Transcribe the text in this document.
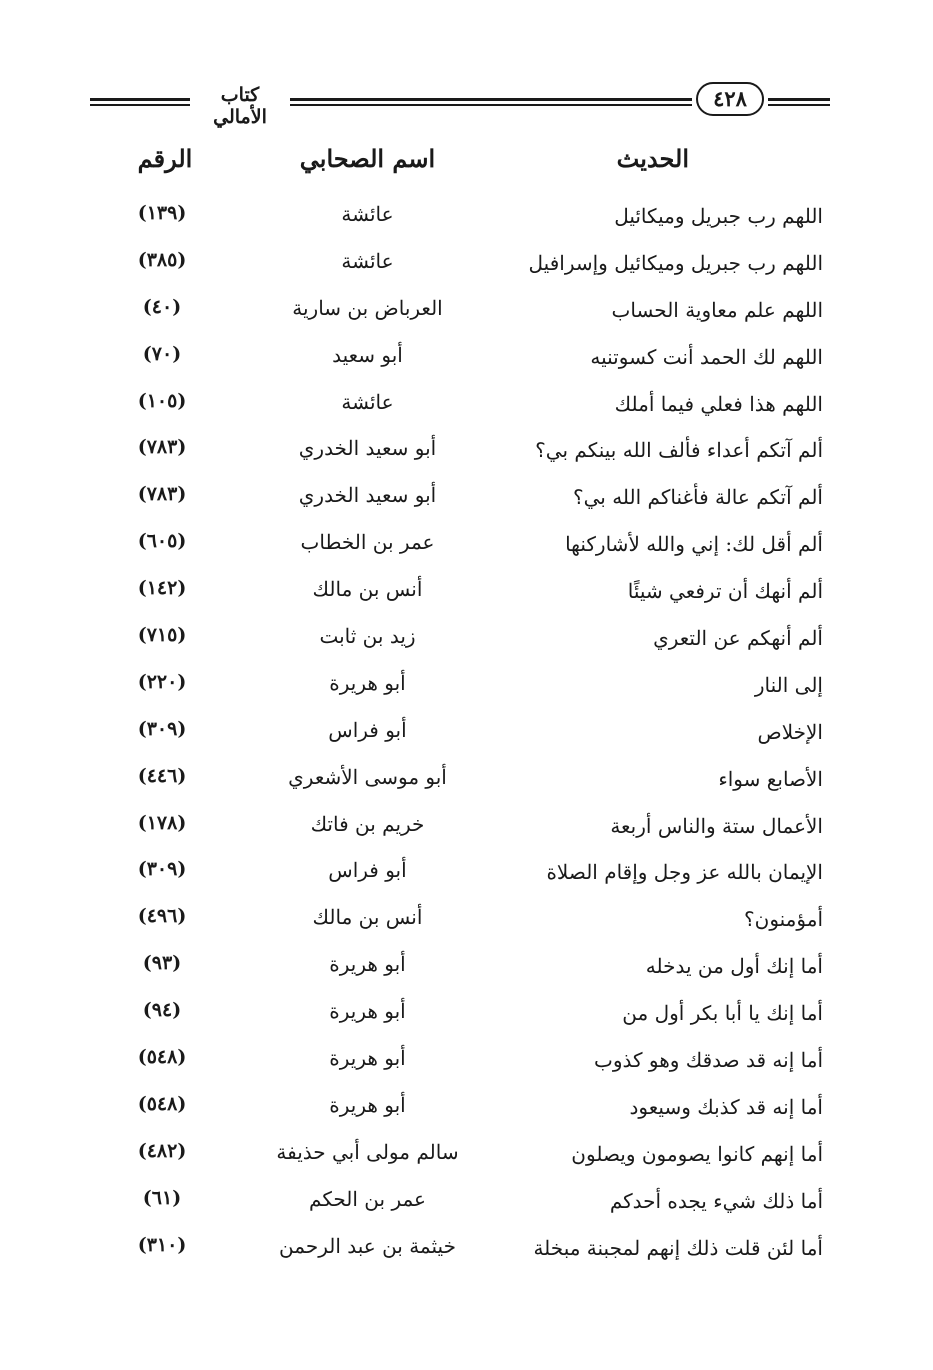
كتاب الأمالي
٤٢٨
الحديث
اسم الصحابي
الرقم
اللهم رب جبريل وميكائيل
عائشة
(١٣٩)
اللهم رب جبريل وميكائيل وإسرافيل
عائشة
(٣٨٥)
اللهم علم معاوية الحساب
العرباض بن سارية
(٤٠)
اللهم لك الحمد أنت كسوتنيه
أبو سعيد
(٧٠)
اللهم هذا فعلي فيما أملك
عائشة
(١٠٥)
ألم آتكم أعداء فألف الله بينكم بي؟
أبو سعيد الخدري
(٧٨٣)
ألم آتكم عالة فأغناكم الله بي؟
أبو سعيد الخدري
(٧٨٣)
ألم أقل لك: إني والله لأشاركنها
عمر بن الخطاب
(٦٠٥)
ألم أنهك أن ترفعي شيئًا
أنس بن مالك
(١٤٢)
ألم أنهكم عن التعري
زيد بن ثابت
(٧١٥)
إلى النار
أبو هريرة
(٢٢٠)
الإخلاص
أبو فراس
(٣٠٩)
الأصابع سواء
أبو موسى الأشعري
(٤٤٦)
الأعمال ستة والناس أربعة
خريم بن فاتك
(١٧٨)
الإيمان بالله عز وجل وإقام الصلاة
أبو فراس
(٣٠٩)
أمؤمنون؟
أنس بن مالك
(٤٩٦)
أما إنك أول من يدخله
أبو هريرة
(٩٣)
أما إنك يا أبا بكر أول من
أبو هريرة
(٩٤)
أما إنه قد صدقك وهو كذوب
أبو هريرة
(٥٤٨)
أما إنه قد كذبك وسيعود
أبو هريرة
(٥٤٨)
أما إنهم كانوا يصومون ويصلون
سالم مولى أبي حذيفة
(٤٨٢)
أما ذلك شيء يجده أحدكم
عمر بن الحكم
(٦١)
أما لئن قلت ذلك إنهم لمجبنة مبخلة
خيثمة بن عبد الرحمن
(٣١٠)
